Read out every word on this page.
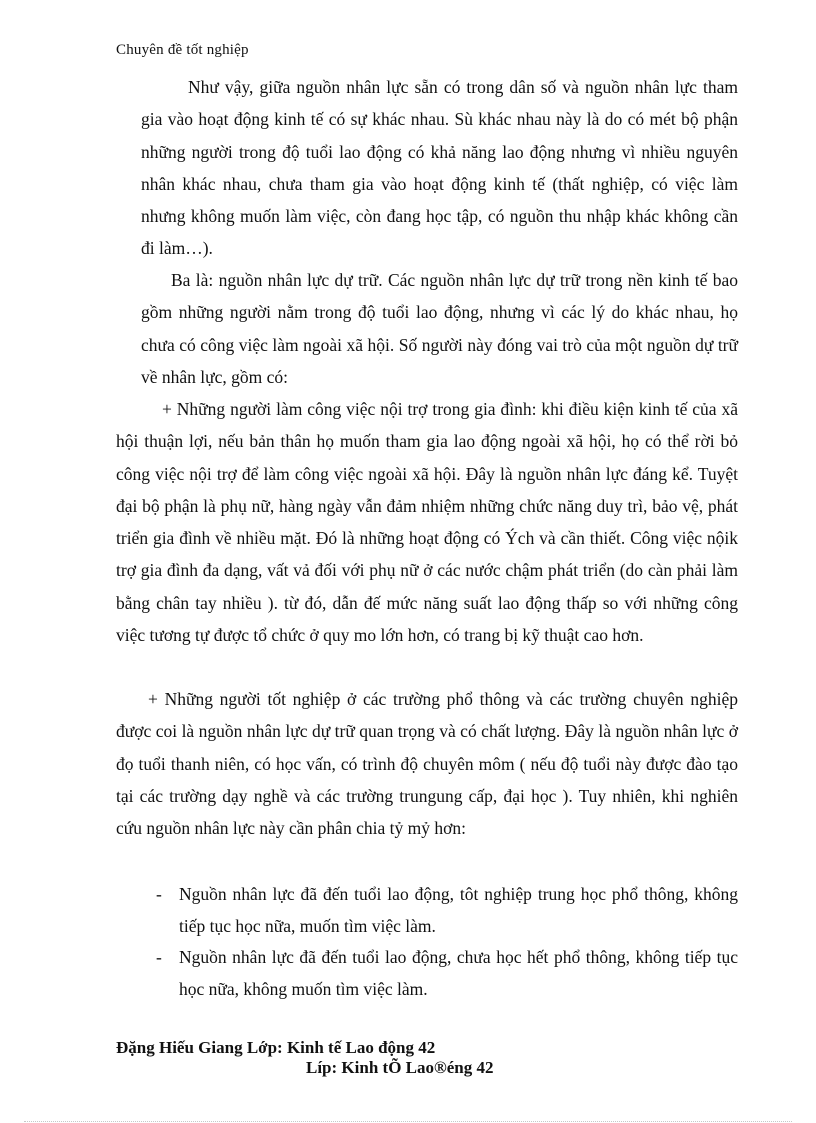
Chuyên đề tốt nghiệp

Như vậy, giữa nguồn nhân lực sẵn có trong dân số và nguồn nhân lực tham gia vào hoạt động kinh tế có sự khác nhau. Sù khác nhau này là do có mét bộ phận những người trong độ tuổi lao động có khả năng lao động nhưng vì nhiều nguyên nhân khác nhau, chưa tham gia vào hoạt động kinh tế (thất nghiệp, có việc làm nhưng không muốn làm việc, còn đang học tập, có nguồn thu nhập khác không cần đi làm…).

Ba là: nguồn nhân lực dự trữ. Các nguồn nhân lực dự trữ trong nền kinh tế bao gồm những người nằm trong độ tuổi lao động, nhưng vì các lý do khác nhau, họ chưa có công việc làm ngoài xã hội. Số người này đóng vai trò của một nguồn dự trữ về nhân lực, gồm có:

+ Những người làm công việc nội trợ trong gia đình: khi điều kiện kinh tế của xã hội thuận lợi, nếu bản thân họ muốn tham gia lao động ngoài xã hội, họ có thể rời bỏ công việc nội trợ để làm công việc ngoài xã hội. Đây là nguồn nhân lực đáng kể. Tuyệt đại bộ phận là phụ nữ, hàng ngày vẫn đảm nhiệm những chức năng duy trì, bảo vệ, phát triển gia đình về nhiều mặt. Đó là những hoạt động có Ých và cần thiết. Công việc nộik trợ gia đình đa dạng, vất vả đối với phụ nữ ở các nước chậm phát triển (do càn phải làm bằng chân tay nhiều ). từ đó, dẫn đế mức năng suất lao động thấp so với những công việc tương tự được tổ chức ở quy mo lớn hơn, có trang bị kỹ thuật cao hơn.

+ Những người tốt nghiệp ở các trường phổ thông và các trường chuyên nghiệp được coi là nguồn nhân lực dự trữ quan trọng và có chất lượng. Đây là nguồn nhân lực ở đọ tuổi thanh niên, có học vấn, có trình độ chuyên môm ( nếu độ tuổi này được đào tạo tại các trường dạy nghề và các trường trungung cấp, đại học ). Tuy nhiên, khi nghiên cứu nguồn nhân lực này cần phân chia tỷ mỷ hơn:

- Nguồn nhân lực đã đến tuổi lao động, tôt nghiệp trung học phổ thông, không tiếp tục học nữa, muốn tìm việc làm.

- Nguồn nhân lực đã đến tuổi lao động, chưa học hết phổ thông, không tiếp tục học nữa, không muốn tìm việc làm.

Đặng Hiếu Giang Lớp: Kinh tế Lao động 42
Líp: Kinh tÕ Lao®éng 42
